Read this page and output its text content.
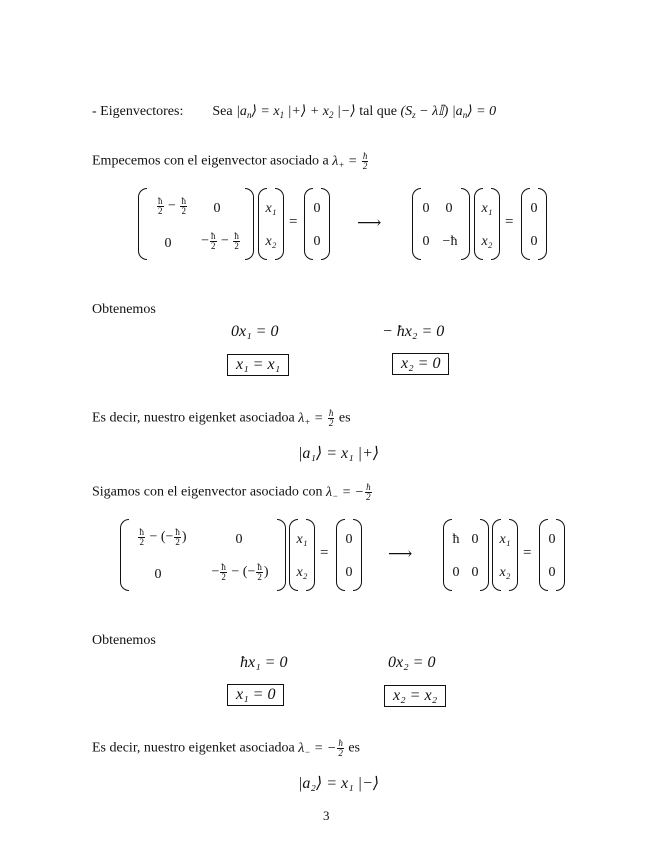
- Eigenvectores: Sea $|a_n⟩ = x_1$ |+⟩ + $x_2$ |−⟩ tal que ($S_z$ − λ𝕀) $|a_n⟩ = 0$
Empecemos con el eigenvector asociado a $\lambda_+ = \frac{ħ}{2}$
$\frac{ħ}{2} - \frac{ħ}{2}$	0
0	− $\frac{ħ}{2} - \frac{ħ}{2}$
x₁
x₂
=
0
0
⟶
0	0
0 −ħ
x₁
x₂
=
0
0
Obtenemos
0x₁ = 0	− ħx₂ = 0
x₁ = x₁	x₂ = 0
Es decir, nuestro eigenket asociadoa $\lambda_+ = \frac{ħ}{2}$ es
|a₁⟩ = x₁ |+⟩
Sigamos con el eigenvector asociado con $\lambda_-$ = − $\frac{ħ}{2}$
$\frac{ħ}{2}$ − (− $\frac{ħ}{2}$ )	0
0	− $\frac{ħ}{2}$ − (− $\frac{ħ}{2}$ )
x₁
x₂
=
0
0
⟶
ħ 0
0 0
x₁
x₂
=
0
0
Obtenemos
ħx₁ = 0	0x₂ = 0
x₁ = 0	x₂ = x₂
Es decir, nuestro eigenket asociadoa $\lambda_-$ = − $\frac{ħ}{2}$ es
|a₂⟩ = x₁ |−⟩
3
